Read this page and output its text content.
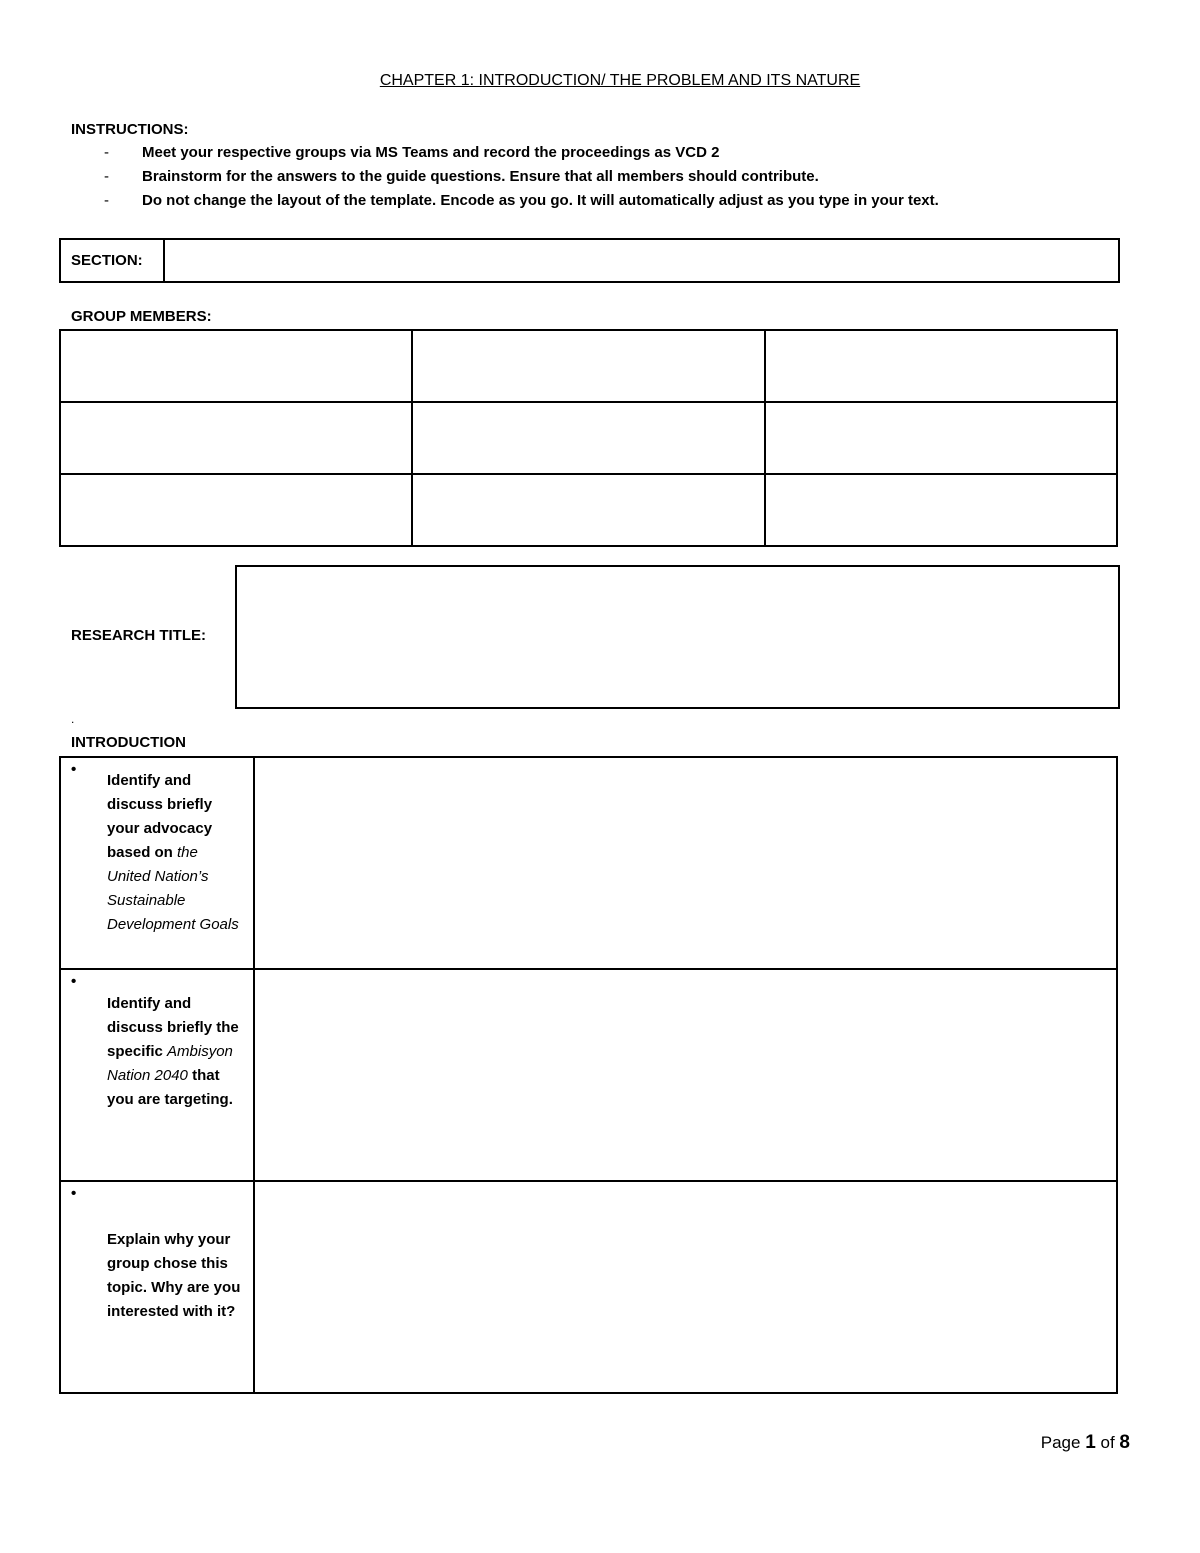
CHAPTER 1: INTRODUCTION/ THE PROBLEM AND ITS NATURE
INSTRUCTIONS:
- Meet your respective groups via MS Teams and record the proceedings as VCD 2
- Brainstorm for the answers to the guide questions. Ensure that all members should contribute.
- Do not change the layout of the template. Encode as you go. It will automatically adjust as you type in your text.
SECTION:
GROUP MEMBERS:

RESEARCH TITLE:
.
INTRODUCTION
•
Identify and discuss briefly your advocacy based on the United Nation’s Sustainable Development Goals	

•
Identify and discuss briefly the specific Ambisyon Nation 2040 that you are targeting.	

•
Explain why your group chose this topic. Why are you interested with it?	

Page 1 of 8
